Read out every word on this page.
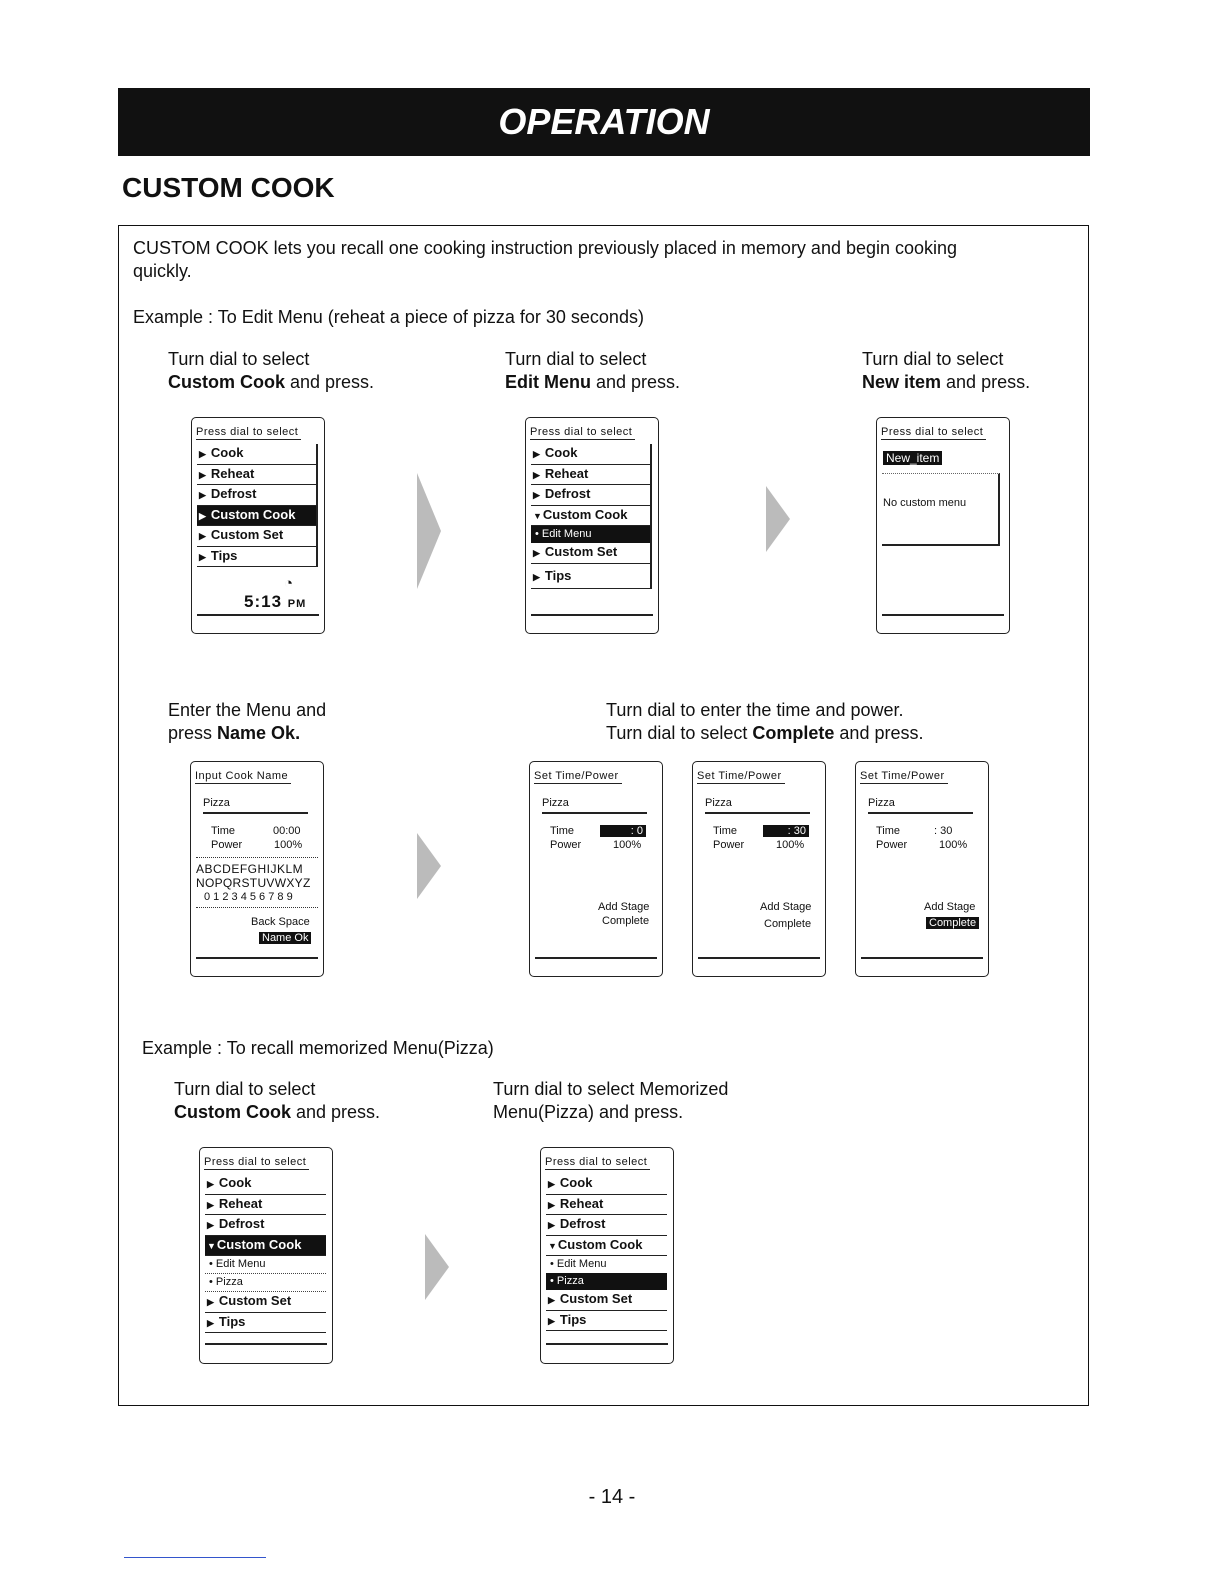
OPERATION
CUSTOM COOK
CUSTOM COOK lets you recall one cooking instruction previously placed in memory and begin cooking
quickly.
Example : To Edit Menu (reheat a piece of pizza for 30 seconds)
Turn dial to select
Custom Cook and press.
Turn dial to select
Edit Menu and press.
Turn dial to select
New item and press.
Press dial to select
▶ Cook
▶ Reheat
▶ Defrost
▶ Custom Cook
▶ Custom Set
▶ Tips
◔
5:13 PM
Press dial to select
▶ Cook
▶ Reheat
▶ Defrost
▼Custom Cook
• Edit Menu
▶ Custom Set
▶ Tips
Press dial to select
New_item
No custom menu
Enter the Menu and
press Name Ok.
Turn dial to enter the time and power.
Turn dial to select Complete and press.
Input Cook Name
Pizza
Time	00:00
Power	100%
ABCDEFGHIJKLM
NOPQRSTUVWXYZ
0 1 2 3 4 5 6 7 8 9
Back Space
Name Ok
Set Time/Power
Pizza
Time	: 0
Power	100%
Add Stage
Complete
Set Time/Power
Pizza
Time	: 30
Power	100%
Add Stage
Complete
Set Time/Power
Pizza
Time	: 30
Power	100%
Add Stage
Complete
Example : To recall memorized Menu(Pizza)
Turn dial to select
Custom Cook and press.
Turn dial to select Memorized
Menu(Pizza) and press.
Press dial to select
▶ Cook
▶ Reheat
▶ Defrost
▼Custom Cook
• Edit Menu
• Pizza
▶ Custom Set
▶ Tips
Press dial to select
▶ Cook
▶ Reheat
▶ Defrost
▼Custom Cook
• Edit Menu
• Pizza
▶ Custom Set
▶ Tips
- 14 -
